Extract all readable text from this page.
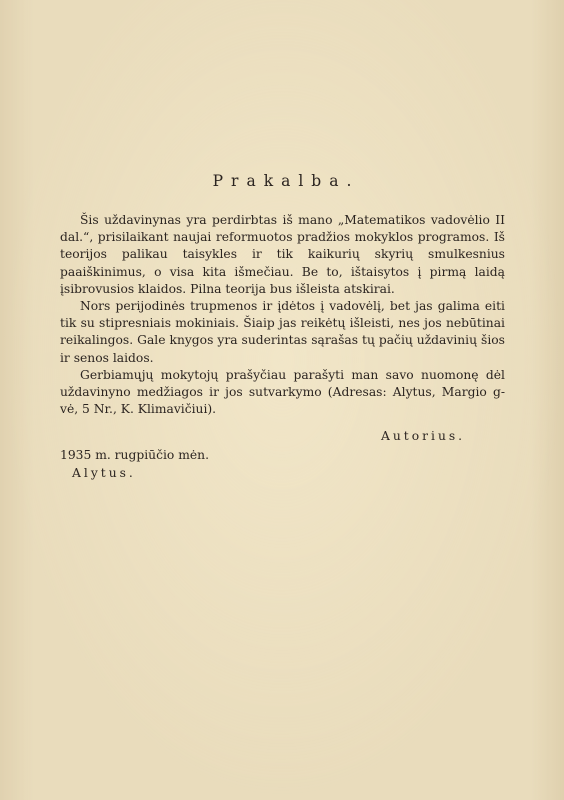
Prakalba.

Šis uždavinynas yra perdirbtas iš mano „Matematikos vadovėlio II dal.“, prisilaikant naujai reformuotos pradžios mokyklos programos. Iš teorijos palikau taisykles ir tik kaikurių skyrių smulkesnius paaiškinimus, o visa kita išmečiau. Be to, ištaisytos į pirmą laidą įsibrovusios klaidos. Pilna teorija bus išleista atskirai.

Nors perijodinės trupmenos ir įdėtos į vadovėlį, bet jas galima eiti tik su stipresniais mokiniais. Šiaip jas reikėtų išleisti, nes jos nebūtinai reikalingos. Gale knygos yra suderintas sąrašas tų pačių uždavinių šios ir senos laidos.

Gerbiamųjų mokytojų prašyčiau parašyti man savo nuomonę dėl uždavinyno medžiagos ir jos sutvarkymo (Adresas: Alytus, Margio g-vė, 5 Nr., K. Klimavičiui).

Autorius.
1935 m. rugpiūčio mėn.
Alytus.
